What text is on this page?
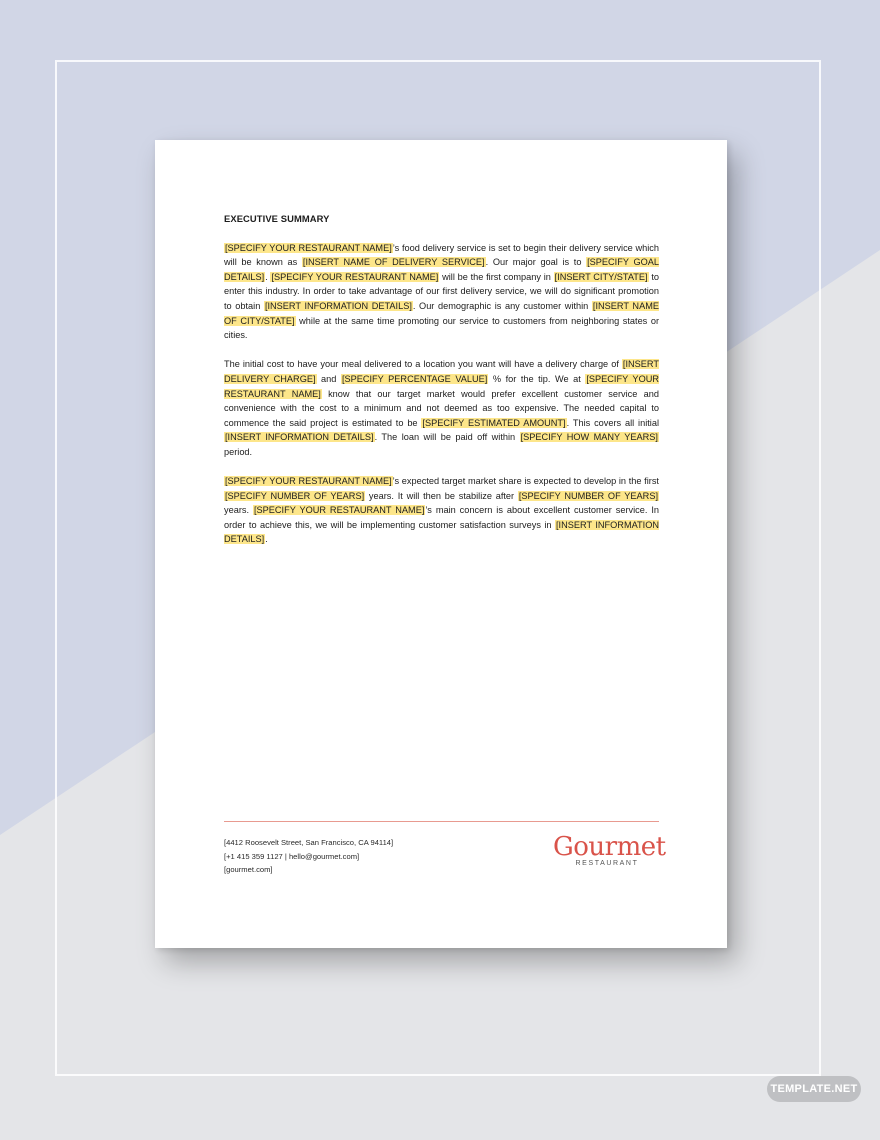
EXECUTIVE SUMMARY

[SPECIFY YOUR RESTAURANT NAME]’s food delivery service is set to begin their delivery service which will be known as [INSERT NAME OF DELIVERY SERVICE]. Our major goal is to [SPECIFY GOAL DETAILS]. [SPECIFY YOUR RESTAURANT NAME] will be the first company in [INSERT CITY/STATE] to enter this industry. In order to take advantage of our first delivery service, we will do significant promotion to obtain [INSERT INFORMATION DETAILS]. Our demographic is any customer within [INSERT NAME OF CITY/STATE] while at the same time promoting our service to customers from neighboring states or cities.

The initial cost to have your meal delivered to a location you want will have a delivery charge of [INSERT DELIVERY CHARGE] and [SPECIFY PERCENTAGE VALUE] % for the tip. We at [SPECIFY YOUR RESTAURANT NAME] know that our target market would prefer excellent customer service and convenience with the cost to a minimum and not deemed as too expensive. The needed capital to commence the said project is estimated to be [SPECIFY ESTIMATED AMOUNT]. This covers all initial [INSERT INFORMATION DETAILS]. The loan will be paid off within [SPECIFY HOW MANY YEARS] period.

[SPECIFY YOUR RESTAURANT NAME]’s expected target market share is expected to develop in the first [SPECIFY NUMBER OF YEARS] years. It will then be stabilize after [SPECIFY NUMBER OF YEARS] years. [SPECIFY YOUR RESTAURANT NAME]’s main concern is about excellent customer service. In order to achieve this, we will be implementing customer satisfaction surveys in [INSERT INFORMATION DETAILS].

[4412 Roosevelt Street, San Francisco, CA 94114]
[+1 415 359 1127 | hello@gourmet.com]
[gourmet.com]
Gourmet
RESTAURANT
TEMPLATE.NET
